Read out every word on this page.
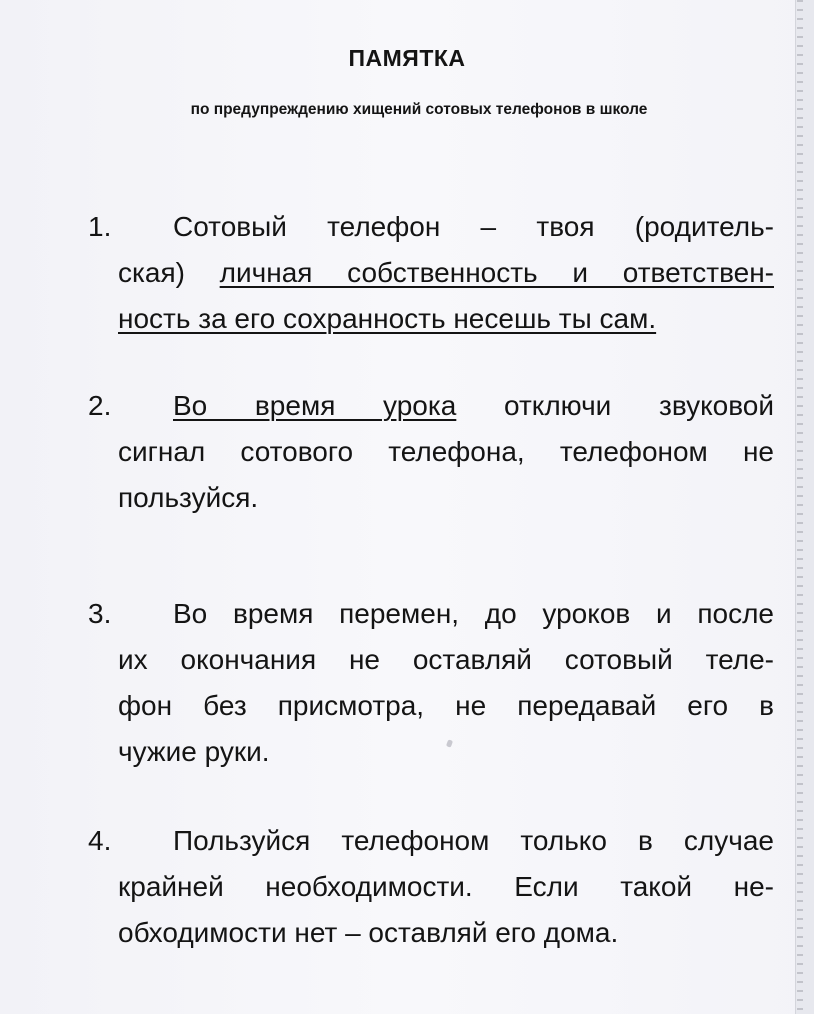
ПАМЯТКА
по предупреждению хищений сотовых телефонов в школе
1.	Сотовый телефон – твоя (родитель-
ская) личная собственность и ответствен-
ность за его сохранность несешь ты сам.
2.	Во время урока отключи звуковой
сигнал сотового телефона, телефоном не
пользуйся.
3.	Во время перемен, до уроков и после
их окончания не оставляй сотовый теле-
фон без присмотра, не передавай его в
чужие руки.
4.	Пользуйся телефоном только в случае
крайней необходимости. Если такой не-
обходимости нет – оставляй его дома.
